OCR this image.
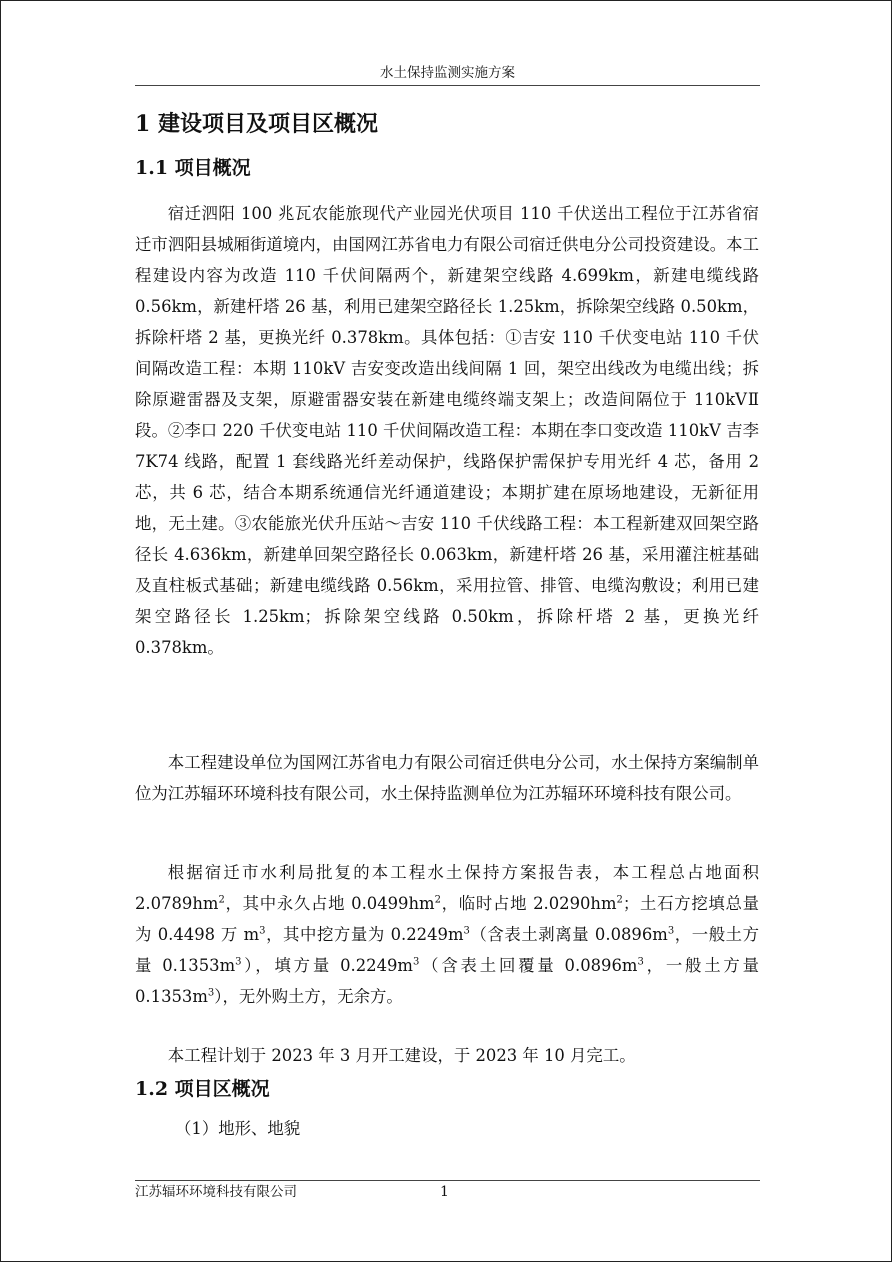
水土保持监测实施方案
1 建设项目及项目区概况
1.1 项目概况

宿迁泗阳 100 兆瓦农能旅现代产业园光伏项目 110 千伏送出工程位于江苏省宿迁市泗阳县城厢街道境内，由国网江苏省电力有限公司宿迁供电分公司投资建设。本工程建设内容为改造 110 千伏间隔两个，新建架空线路 4.699km，新建电缆线路 0.56km，新建杆塔 26 基，利用已建架空路径长 1.25km，拆除架空线路 0.50km，拆除杆塔 2 基，更换光纤 0.378km。具体包括：①吉安 110 千伏变电站 110 千伏间隔改造工程：本期 110kV 吉安变改造出线间隔 1 回，架空出线改为电缆出线；拆除原避雷器及支架，原避雷器安装在新建电缆终端支架上；改造间隔位于 110kVⅡ段。②李口 220 千伏变电站 110 千伏间隔改造工程：本期在李口变改造 110kV 吉李 7K74 线路，配置 1 套线路光纤差动保护，线路保护需保护专用光纤 4 芯，备用 2 芯，共 6 芯，结合本期系统通信光纤通道建设；本期扩建在原场地建设，无新征用地，无土建。③农能旅光伏升压站～吉安 110 千伏线路工程：本工程新建双回架空路径长 4.636km，新建单回架空路径长 0.063km，新建杆塔 26 基，采用灌注桩基础及直柱板式基础；新建电缆线路 0.56km，采用拉管、排管、电缆沟敷设；利用已建架空路径长 1.25km；拆除架空线路 0.50km，拆除杆塔 2 基，更换光纤 0.378km。

本工程建设单位为国网江苏省电力有限公司宿迁供电分公司，水土保持方案编制单位为江苏辐环环境科技有限公司，水土保持监测单位为江苏辐环环境科技有限公司。

根据宿迁市水利局批复的本工程水土保持方案报告表，本工程总占地面积 $2.0789hm^2$，其中永久占地 $0.0499hm^2$，临时占地 $2.0290hm^2$；土石方挖填总量为 0.4498 万 $m^3$，其中挖方量为 $0.2249m^3$（含表土剥离量 $0.0896m^3$，一般土方量 $0.1353m^3$），填方量 $0.2249m^3$（含表土回覆量 $0.0896m^3$，一般土方量 $0.1353m^3$），无外购土方，无余方。

本工程计划于 2023 年 3 月开工建设，于 2023 年 10 月完工。

1.2 项目区概况

（1）地形、地貌

江苏辐环环境科技有限公司	1
